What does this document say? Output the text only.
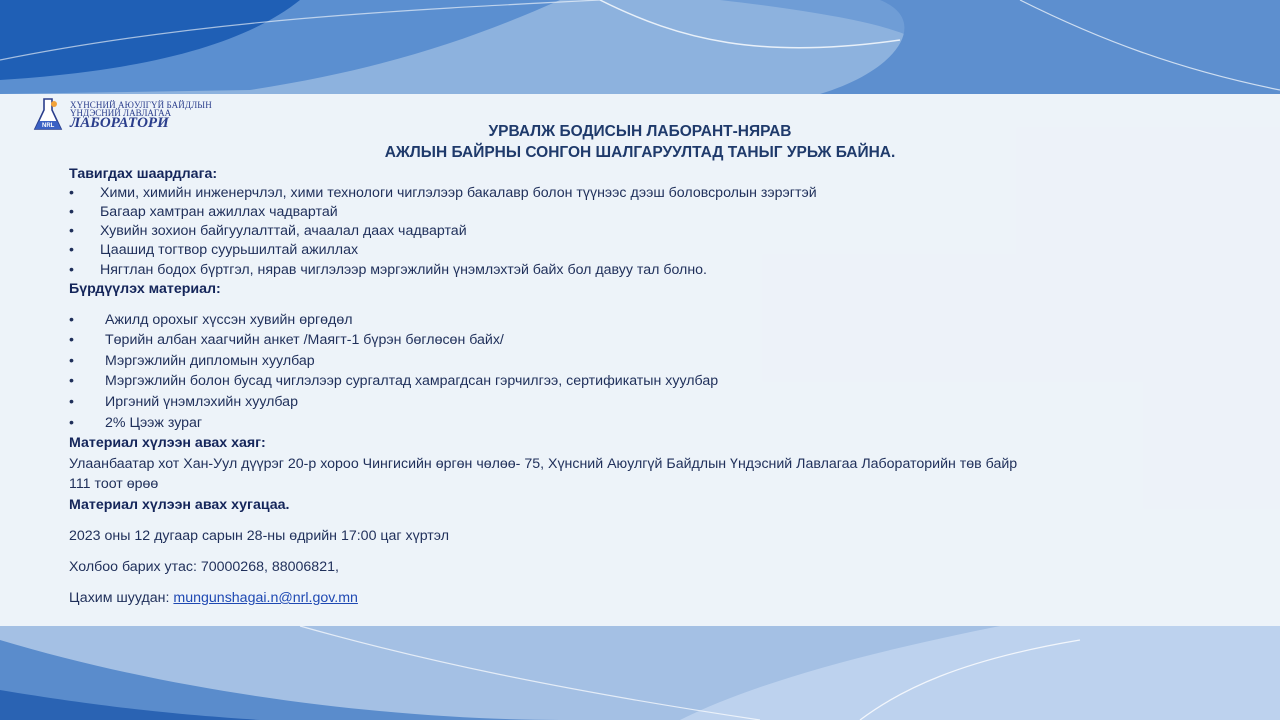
NRL
ХҮНСНИЙ АЮУЛГҮЙ БАЙДЛЫН
ҮНДЭСНИЙ ЛАВЛАГАА
ЛАБОРАТОРИ	УРВАЛЖ БОДИСЫН ЛАБОРАНТ-НЯРАВ
АЖЛЫН БАЙРНЫ СОНГОН ШАЛГАРУУЛТАД ТАНЫГ УРЬЖ БАЙНА.
Тавигдах шаардлага:
• Хими, химийн инженерчлэл, хими технологи чиглэлээр бакалавр болон түүнээс дээш боловсролын зэрэгтэй
• Багаар хамтран ажиллах чадвартай
• Хувийн зохион байгуулалттай, ачаалал даах чадвартай
• Цаашид тогтвор суурьшилтай ажиллах
• Нягтлан бодох бүртгэл, нярав чиглэлээр мэргэжлийн үнэмлэхтэй байх бол давуу тал болно.
Бүрдүүлэх материал:
• Ажилд орохыг хүссэн хувийн өргөдөл
• Төрийн албан хаагчийн анкет /Маягт-1 бүрэн бөглөсөн байх/
• Мэргэжлийн дипломын хуулбар
• Мэргэжлийн болон бусад чиглэлээр сургалтад хамрагдсан гэрчилгээ, сертификатын хуулбар
• Иргэний үнэмлэхийн хуулбар
• 2% Цээж зураг
Материал хүлээн авах хаяг:
Улаанбаатар хот Хан-Уул дүүрэг 20-р хороо Чингисийн өргөн чөлөө- 75, Хүнсний Аюулгүй Байдлын Үндэсний Лавлагаа Лабораторийн төв байр
111 тоот өрөө
Материал хүлээн авах хугацаа.
2023 оны 12 дугаар сарын 28-ны өдрийн 17:00 цаг хүртэл
Холбоо барих утас: 70000268, 88006821,
Цахим шуудан: mungunshagai.n@nrl.gov.mn
